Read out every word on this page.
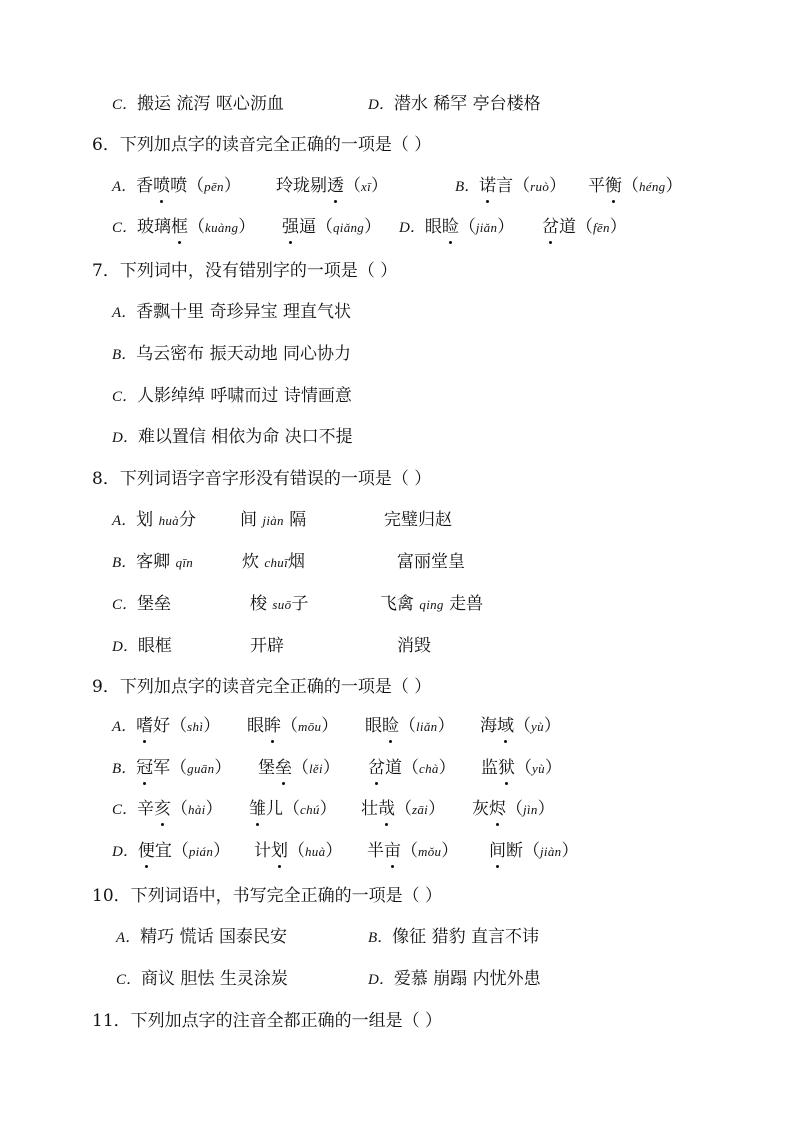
C．搬运 流泻 呕心沥血	D．潜水 稀罕 亭台楼格
6．下列加点字的读音完全正确的一项是（ ）
A．香喷喷（pēn） 玲珑剔透（xī）	B．诺言（ruò） 平衡（héng）
C．玻璃框（kuàng） 强逼（qiǎng） D．眼睑（jiǎn） 岔道（fēn）
7．下列词中，没有错别字的一项是（ ）
A．香飘十里 奇珍异宝 理直气状
B．乌云密布 振天动地 同心协力
C．人影绰绰 呼啸而过 诗情画意
D．难以置信 相依为命 决口不提
8．下列词语字音字形没有错误的一项是（ ）
A．划 huà分	间 jiàn 隔	完璧归赵
B．客卿 qīn	炊 chuī烟	富丽堂皇
C．堡垒	梭 suō子	飞禽 qing 走兽
D．眼框	开辟	消毁
9．下列加点字的读音完全正确的一项是（ ）
A．嗜好（shì） 眼眸（mōu） 眼睑（liǎn） 海域（yù）
B．冠军（guān） 堡垒（lěi） 岔道（chà） 监狱（yù）
C．辛亥（hài） 雏儿（chú） 壮哉（zāi） 灰烬（jìn）
D．便宜（pián） 计划（huà） 半亩（mǒu） 间断（jiàn）
10．下列词语中，书写完全正确的一项是（ ）
A．精巧 慌话 国泰民安	B．像征 猎豹 直言不讳
C．商议 胆怯 生灵涂炭	D．爱慕 崩蹋 内忧外患
11．下列加点字的注音全都正确的一组是（ ）
